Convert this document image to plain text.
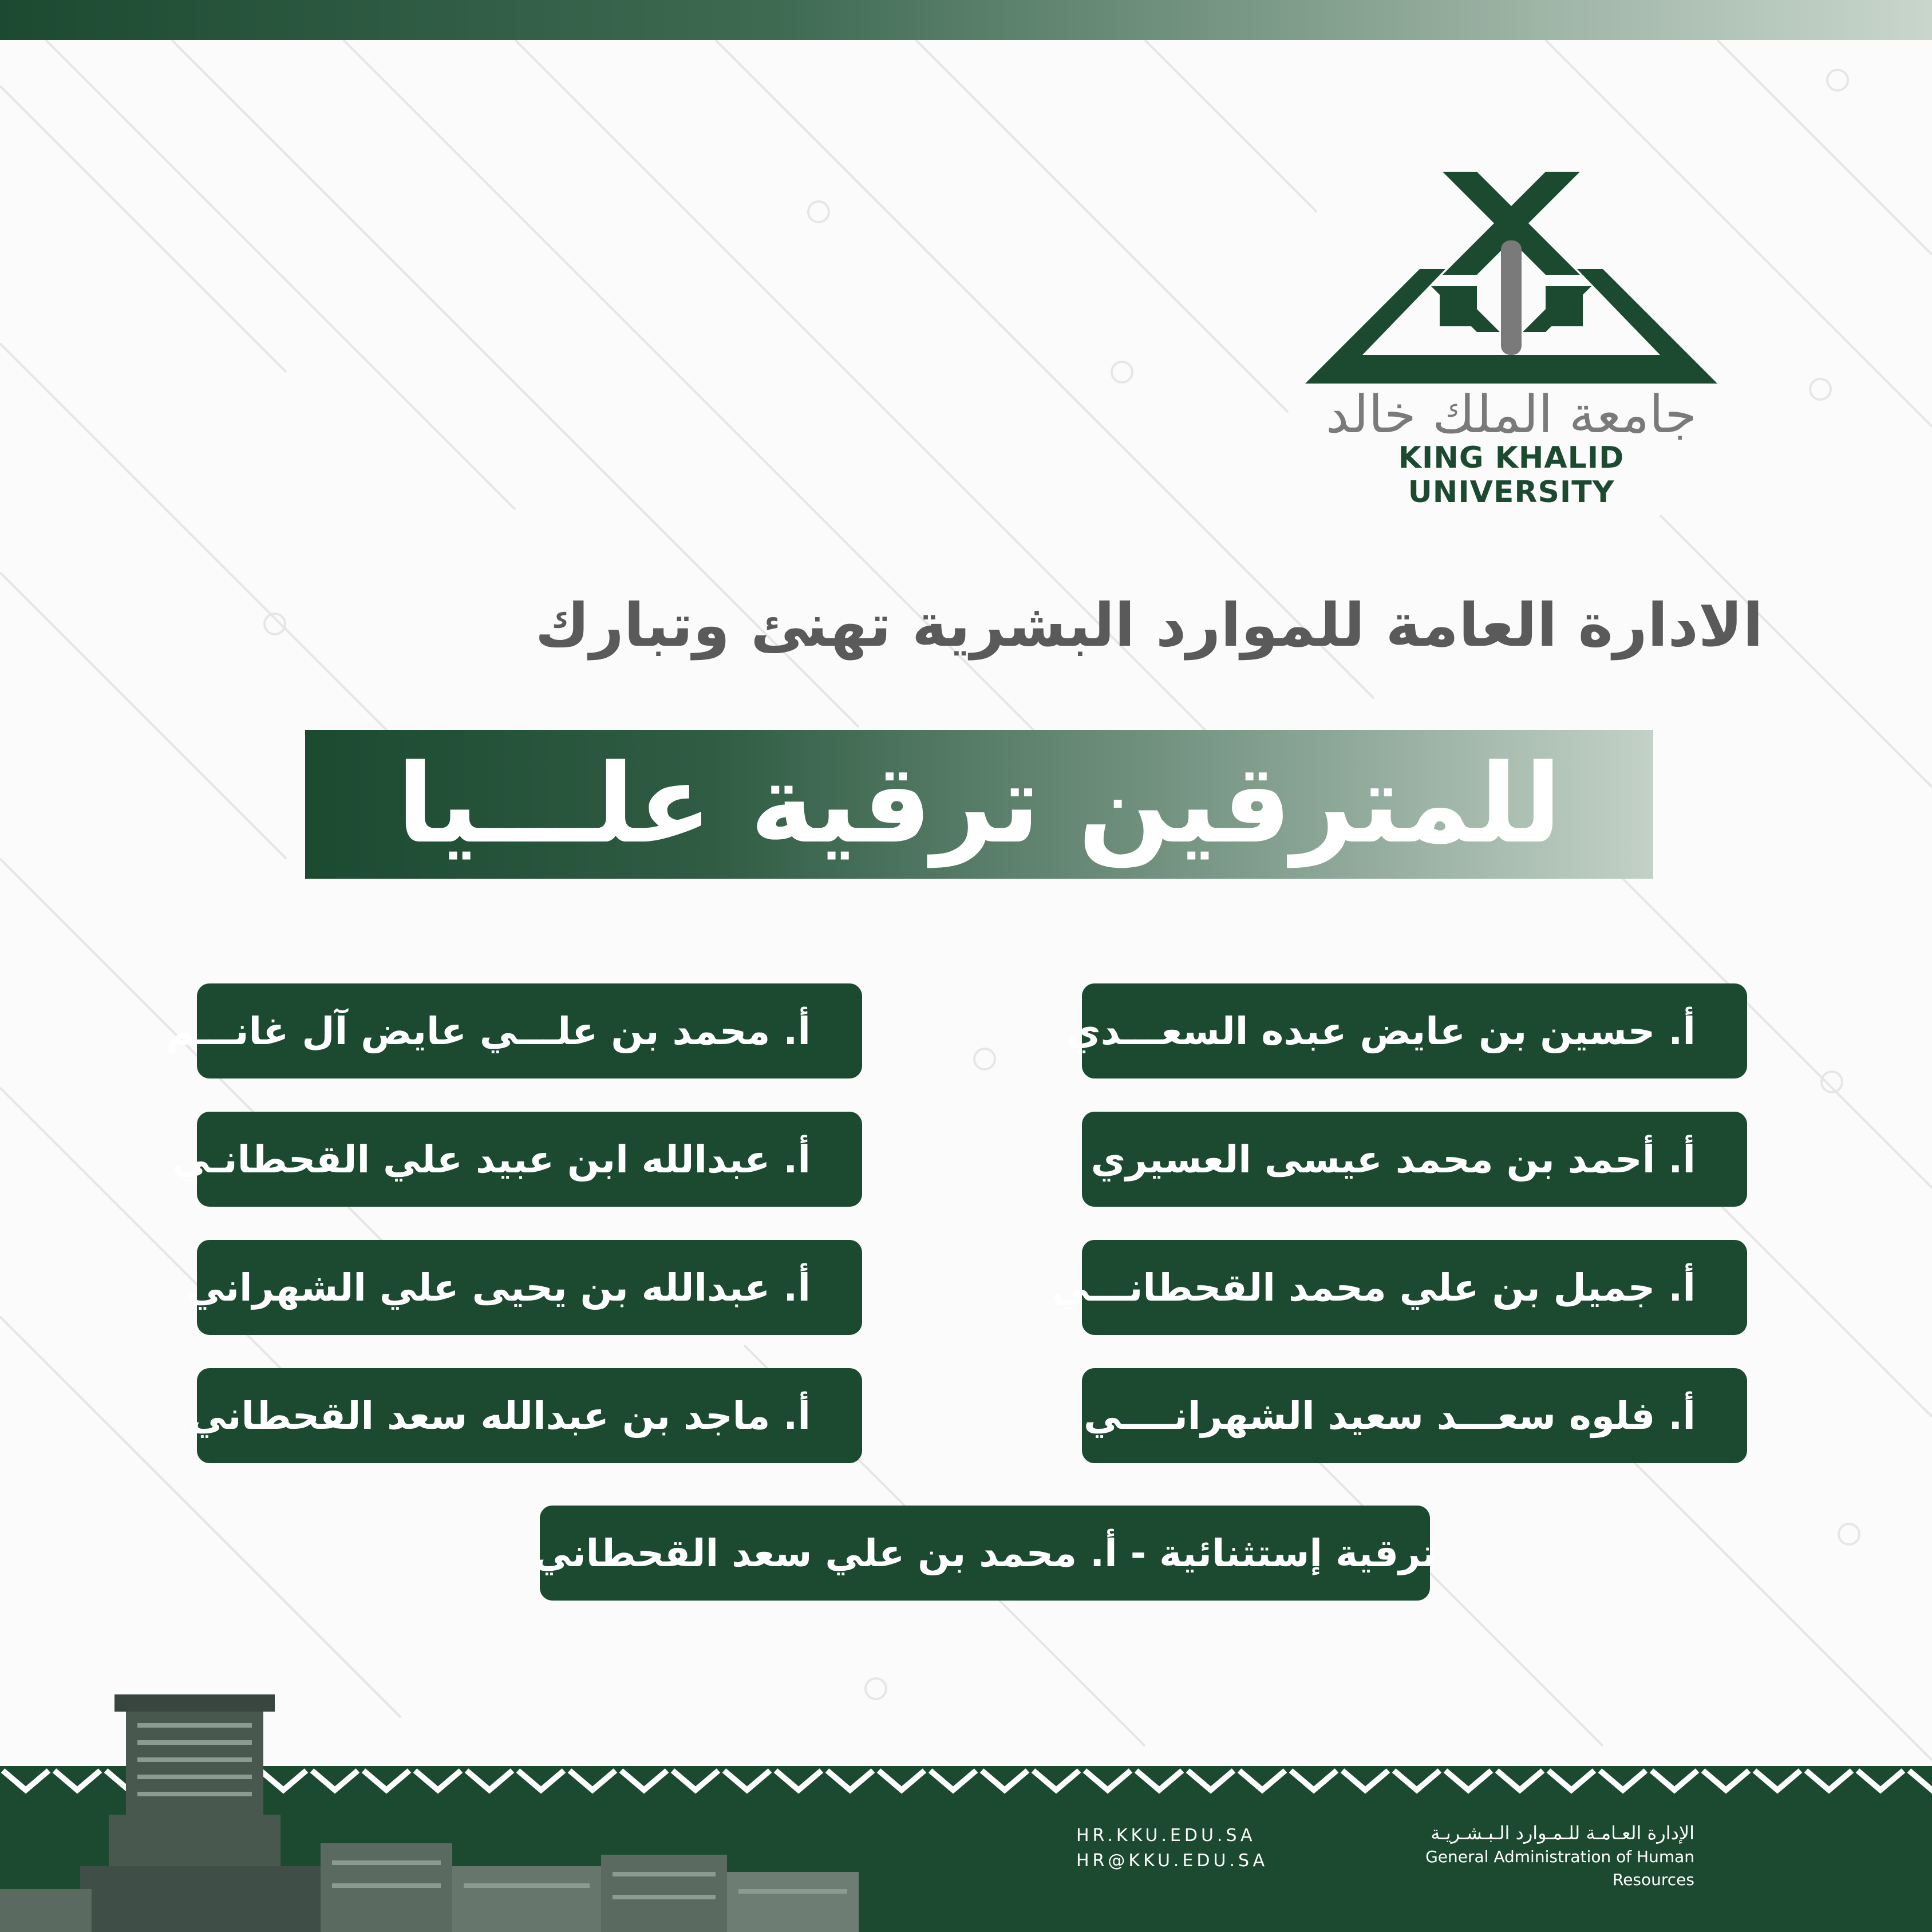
جامعة الملك خالد
KING KHALID UNIVERSITY
الادارة العامة للموارد البشرية تهنئ وتبارك
للمترقين ترقية علـــيا
أ. حسين بن عايض عبده السعـــدي
أ. أحمد بن محمد عيسى العسيري
أ. جميل بن علي محمد القحطانـــي
أ. فلوه سعـــد سعيد الشهرانــــي
أ. محمد بن علـــي عايض آل غانـــم
أ. عبدالله ابن عبيد علي القحطانـي
أ. عبدالله بن يحيى علي الشهراني
أ. ماجد بن عبدالله سعد القحطاني
ترقية إستثنائية - أ. محمد بن علي سعد القحطاني
HR.KKU.EDU.SA
HR@KKU.EDU.SA
الإدارة العـامـة للـمـوارد الـبـشـريـة
General Administration of Human Resources
